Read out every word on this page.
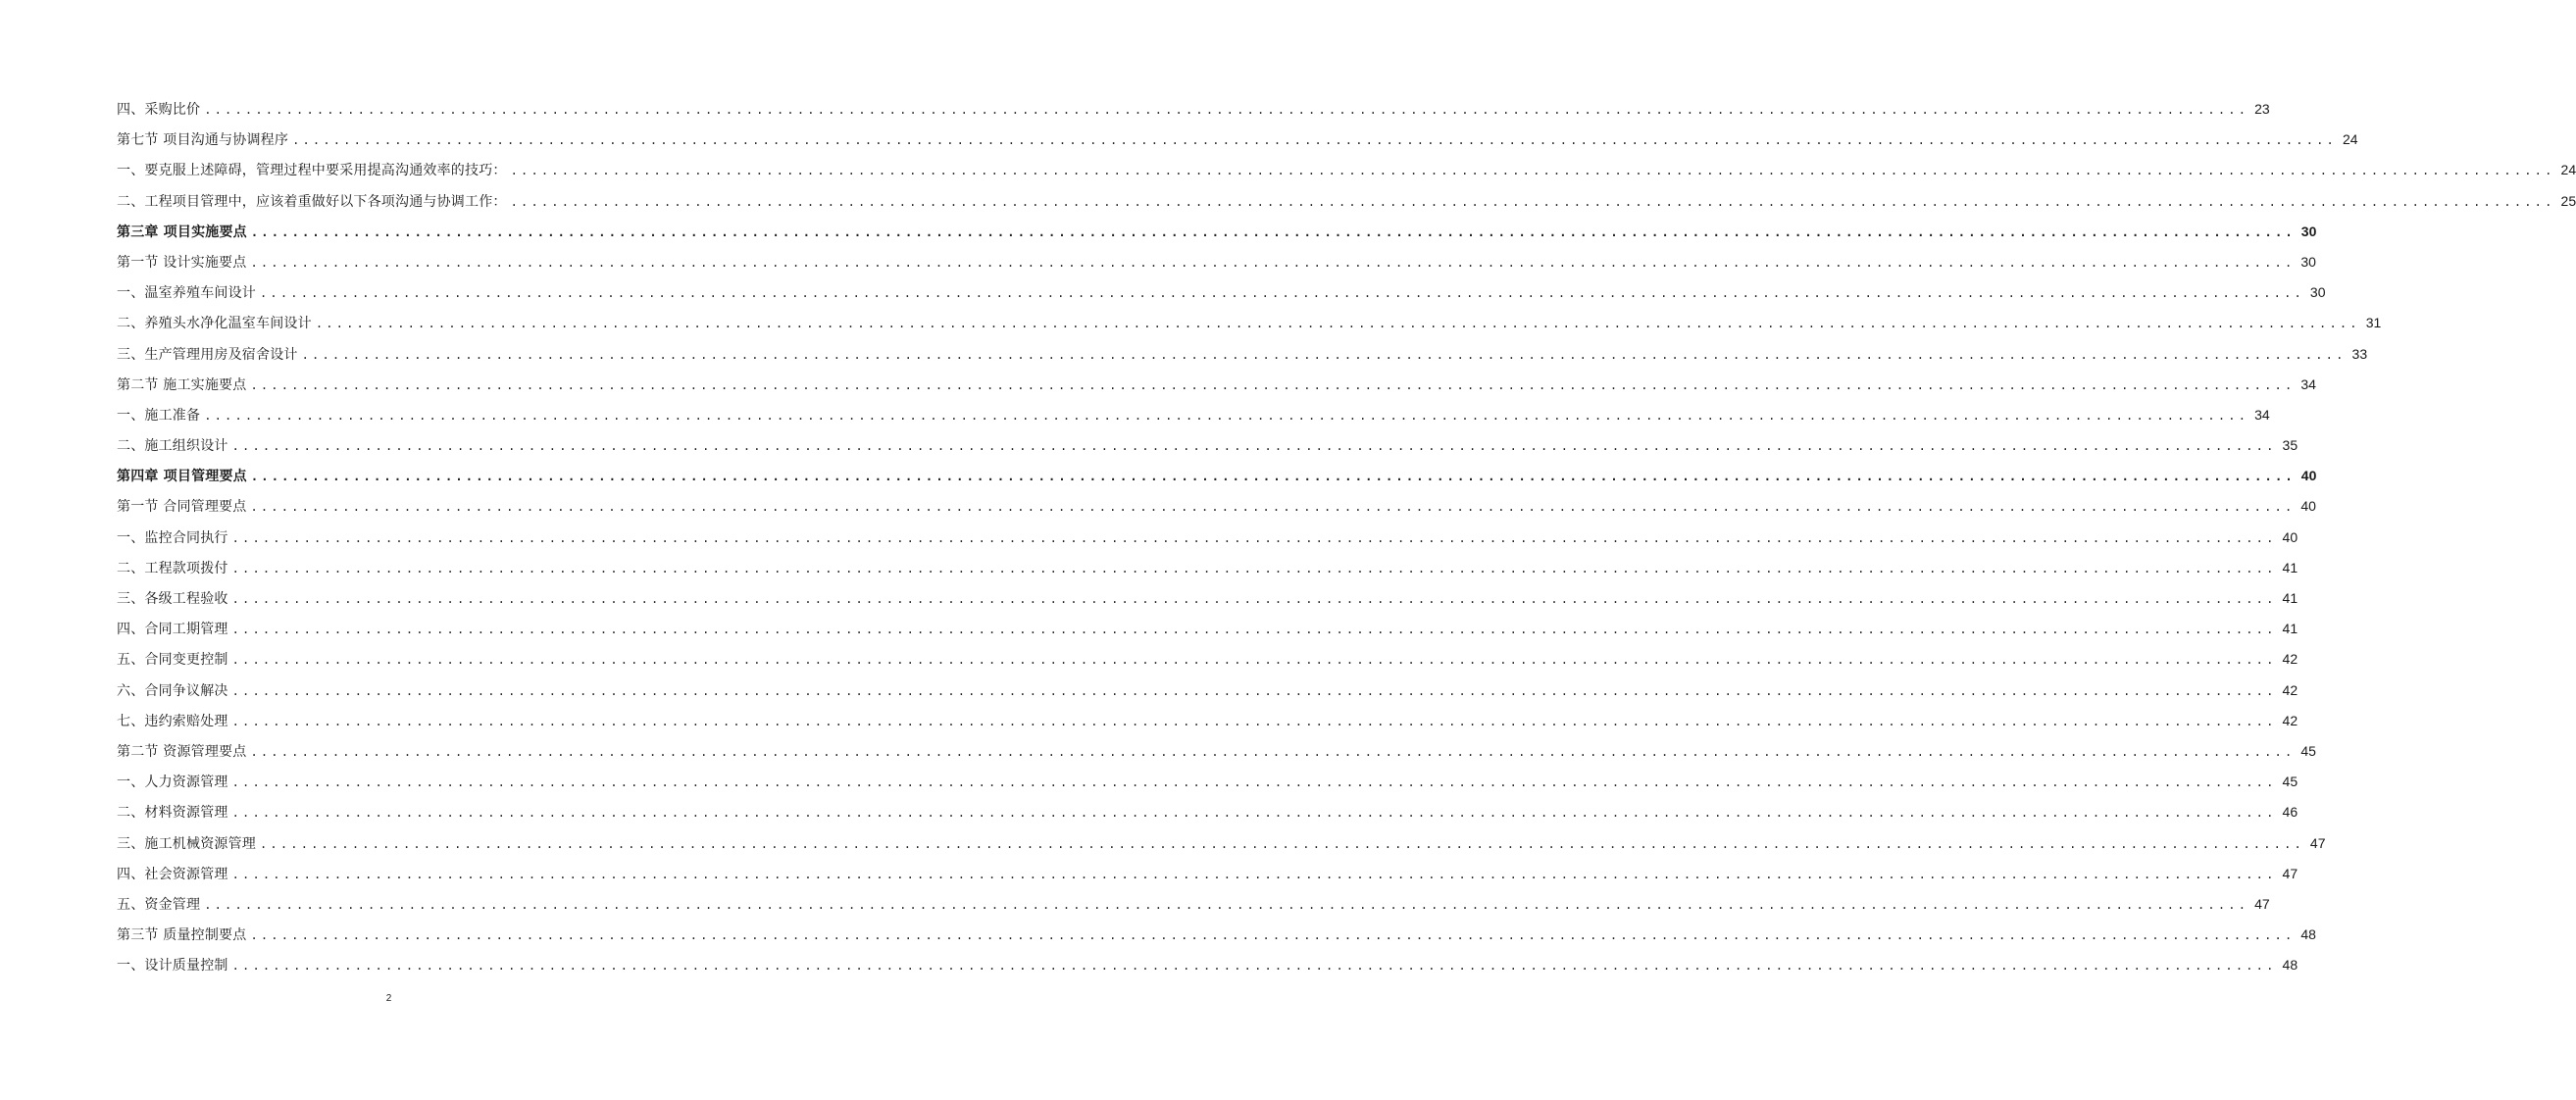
四、采购比价 ........................................................................................................................................................................................................ 23
第七节 项目沟通与协调程序 ........................................................................................................................................................................................................ 24
一、要克服上述障碍，管理过程中要采用提高沟通效率的技巧： ........................................................................................................................................................................................................ 24
二、工程项目管理中，应该着重做好以下各项沟通与协调工作： ........................................................................................................................................................................................................ 25
第三章 项目实施要点 ........................................................................................................................................................................................................ 30
第一节 设计实施要点 ........................................................................................................................................................................................................ 30
一、温室养殖车间设计 ........................................................................................................................................................................................................ 30
二、养殖头水净化温室车间设计 ........................................................................................................................................................................................................ 31
三、生产管理用房及宿舍设计 ........................................................................................................................................................................................................ 33
第二节 施工实施要点 ........................................................................................................................................................................................................ 34
一、施工准备 ........................................................................................................................................................................................................ 34
二、施工组织设计 ........................................................................................................................................................................................................ 35
第四章 项目管理要点 ........................................................................................................................................................................................................ 40
第一节 合同管理要点 ........................................................................................................................................................................................................ 40
一、监控合同执行 ........................................................................................................................................................................................................ 40
二、工程款项拨付 ........................................................................................................................................................................................................ 41
三、各级工程验收 ........................................................................................................................................................................................................ 41
四、合同工期管理 ........................................................................................................................................................................................................ 41
五、合同变更控制 ........................................................................................................................................................................................................ 42
六、合同争议解决 ........................................................................................................................................................................................................ 42
七、违约索赔处理 ........................................................................................................................................................................................................ 42
第二节 资源管理要点 ........................................................................................................................................................................................................ 45
一、人力资源管理 ........................................................................................................................................................................................................ 45
二、材料资源管理 ........................................................................................................................................................................................................ 46
三、施工机械资源管理 ........................................................................................................................................................................................................ 47
四、社会资源管理 ........................................................................................................................................................................................................ 47
五、资金管理 ........................................................................................................................................................................................................ 47
第三节 质量控制要点 ........................................................................................................................................................................................................ 48
一、设计质量控制 ........................................................................................................................................................................................................ 48
2
